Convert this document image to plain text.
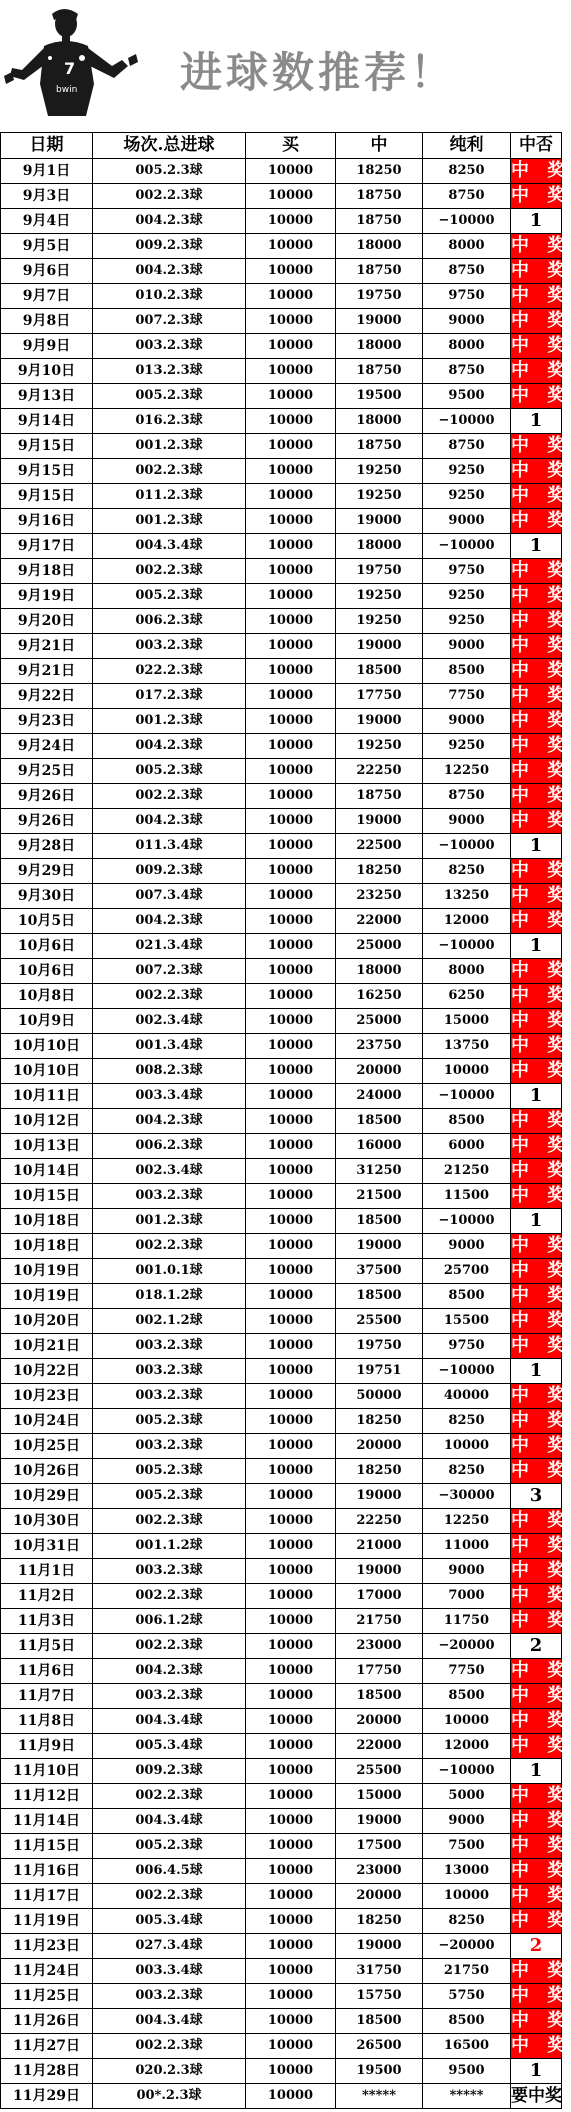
7
bwin 进球数推荐！
日期	场次.总进球	买	中	纯利	中否
9月1日	005.2.3球	10000	18250	8250	中 奖
9月3日	002.2.3球	10000	18750	8750	中 奖
9月4日	004.2.3球	10000	18750	−10000	1
9月5日	009.2.3球	10000	18000	8000	中 奖
9月6日	004.2.3球	10000	18750	8750	中 奖
9月7日	010.2.3球	10000	19750	9750	中 奖
9月8日	007.2.3球	10000	19000	9000	中 奖
9月9日	003.2.3球	10000	18000	8000	中 奖
9月10日	013.2.3球	10000	18750	8750	中 奖
9月13日	005.2.3球	10000	19500	9500	中 奖
9月14日	016.2.3球	10000	18000	−10000	1
9月15日	001.2.3球	10000	18750	8750	中 奖
9月15日	002.2.3球	10000	19250	9250	中 奖
9月15日	011.2.3球	10000	19250	9250	中 奖
9月16日	001.2.3球	10000	19000	9000	中 奖
9月17日	004.3.4球	10000	18000	−10000	1
9月18日	002.2.3球	10000	19750	9750	中 奖
9月19日	005.2.3球	10000	19250	9250	中 奖
9月20日	006.2.3球	10000	19250	9250	中 奖
9月21日	003.2.3球	10000	19000	9000	中 奖
9月21日	022.2.3球	10000	18500	8500	中 奖
9月22日	017.2.3球	10000	17750	7750	中 奖
9月23日	001.2.3球	10000	19000	9000	中 奖
9月24日	004.2.3球	10000	19250	9250	中 奖
9月25日	005.2.3球	10000	22250	12250	中 奖
9月26日	002.2.3球	10000	18750	8750	中 奖
9月26日	004.2.3球	10000	19000	9000	中 奖
9月28日	011.3.4球	10000	22500	−10000	1
9月29日	009.2.3球	10000	18250	8250	中 奖
9月30日	007.3.4球	10000	23250	13250	中 奖
10月5日	004.2.3球	10000	22000	12000	中 奖
10月6日	021.3.4球	10000	25000	−10000	1
10月6日	007.2.3球	10000	18000	8000	中 奖
10月8日	002.2.3球	10000	16250	6250	中 奖
10月9日	002.3.4球	10000	25000	15000	中 奖
10月10日	001.3.4球	10000	23750	13750	中 奖
10月10日	008.2.3球	10000	20000	10000	中 奖
10月11日	003.3.4球	10000	24000	−10000	1
10月12日	004.2.3球	10000	18500	8500	中 奖
10月13日	006.2.3球	10000	16000	6000	中 奖
10月14日	002.3.4球	10000	31250	21250	中 奖
10月15日	003.2.3球	10000	21500	11500	中 奖
10月18日	001.2.3球	10000	18500	−10000	1
10月18日	002.2.3球	10000	19000	9000	中 奖
10月19日	001.0.1球	10000	37500	25700	中 奖
10月19日	018.1.2球	10000	18500	8500	中 奖
10月20日	002.1.2球	10000	25500	15500	中 奖
10月21日	003.2.3球	10000	19750	9750	中 奖
10月22日	003.2.3球	10000	19751	−10000	1
10月23日	003.2.3球	10000	50000	40000	中 奖
10月24日	005.2.3球	10000	18250	8250	中 奖
10月25日	003.2.3球	10000	20000	10000	中 奖
10月26日	005.2.3球	10000	18250	8250	中 奖
10月29日	005.2.3球	10000	19000	−30000	3
10月30日	002.2.3球	10000	22250	12250	中 奖
10月31日	001.1.2球	10000	21000	11000	中 奖
11月1日	003.2.3球	10000	19000	9000	中 奖
11月2日	002.2.3球	10000	17000	7000	中 奖
11月3日	006.1.2球	10000	21750	11750	中 奖
11月5日	002.2.3球	10000	23000	−20000	2
11月6日	004.2.3球	10000	17750	7750	中 奖
11月7日	003.2.3球	10000	18500	8500	中 奖
11月8日	004.3.4球	10000	20000	10000	中 奖
11月9日	005.3.4球	10000	22000	12000	中 奖
11月10日	009.2.3球	10000	25500	−10000	1
11月12日	002.2.3球	10000	15000	5000	中 奖
11月14日	004.3.4球	10000	19000	9000	中 奖
11月15日	005.2.3球	10000	17500	7500	中 奖
11月16日	006.4.5球	10000	23000	13000	中 奖
11月17日	002.2.3球	10000	20000	10000	中 奖
11月19日	005.3.4球	10000	18250	8250	中 奖
11月23日	027.3.4球	10000	19000	−20000	2
11月24日	003.3.4球	10000	31750	21750	中 奖
11月25日	003.2.3球	10000	15750	5750	中 奖
11月26日	004.3.4球	10000	18500	8500	中 奖
11月27日	002.2.3球	10000	26500	16500	中 奖
11月28日	020.2.3球	10000	19500	9500	1
11月29日	00*.2.3球	10000	*****	*****	要中奖
